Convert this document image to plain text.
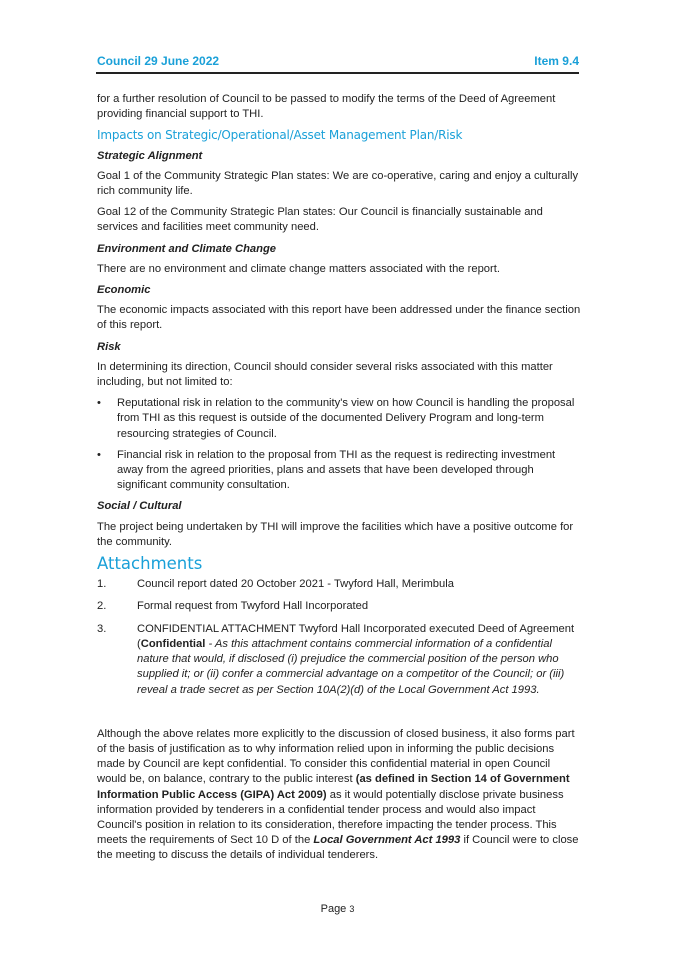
Council 29 June 2022	Item 9.4

for a further resolution of Council to be passed to modify the terms of the Deed of Agreement providing financial support to THI.

Impacts on Strategic/Operational/Asset Management Plan/Risk
Strategic Alignment

Goal 1 of the Community Strategic Plan states: We are co-operative, caring and enjoy a culturally rich community life.

Goal 12 of the Community Strategic Plan states: Our Council is financially sustainable and services and facilities meet community need.

Environment and Climate Change

There are no environment and climate change matters associated with the report.

Economic

The economic impacts associated with this report have been addressed under the finance section of this report.

Risk

In determining its direction, Council should consider several risks associated with this matter including, but not limited to:

• Reputational risk in relation to the community's view on how Council is handling the proposal from THI as this request is outside of the documented Delivery Program and long-term resourcing strategies of Council.
• Financial risk in relation to the proposal from THI as the request is redirecting investment away from the agreed priorities, plans and assets that have been developed through significant community consultation.
Social / Cultural

The project being undertaken by THI will improve the facilities which have a positive outcome for the community.

Attachments
1.	Council report dated 20 October 2021 - Twyford Hall, Merimbula
2.	Formal request from Twyford Hall Incorporated
3.	CONFIDENTIAL ATTACHMENT Twyford Hall Incorporated executed Deed of Agreement (Confidential - As this attachment contains commercial information of a confidential nature that would, if disclosed (i) prejudice the commercial position of the person who supplied it; or (ii) confer a commercial advantage on a competitor of the Council; or (iii) reveal a trade secret as per Section 10A(2)(d) of the Local Government Act 1993.

Although the above relates more explicitly to the discussion of closed business, it also forms part of the basis of justification as to why information relied upon in informing the public decisions made by Council are kept confidential. To consider this confidential material in open Council would be, on balance, contrary to the public interest (as defined in Section 14 of Government Information Public Access (GIPA) Act 2009) as it would potentially disclose private business information provided by tenderers in a confidential tender process and would also impact Council's position in relation to its consideration, therefore impacting the tender process. This meets the requirements of Sect 10 D of the Local Government Act 1993 if Council were to close the meeting to discuss the details of individual tenderers.

Page 3
